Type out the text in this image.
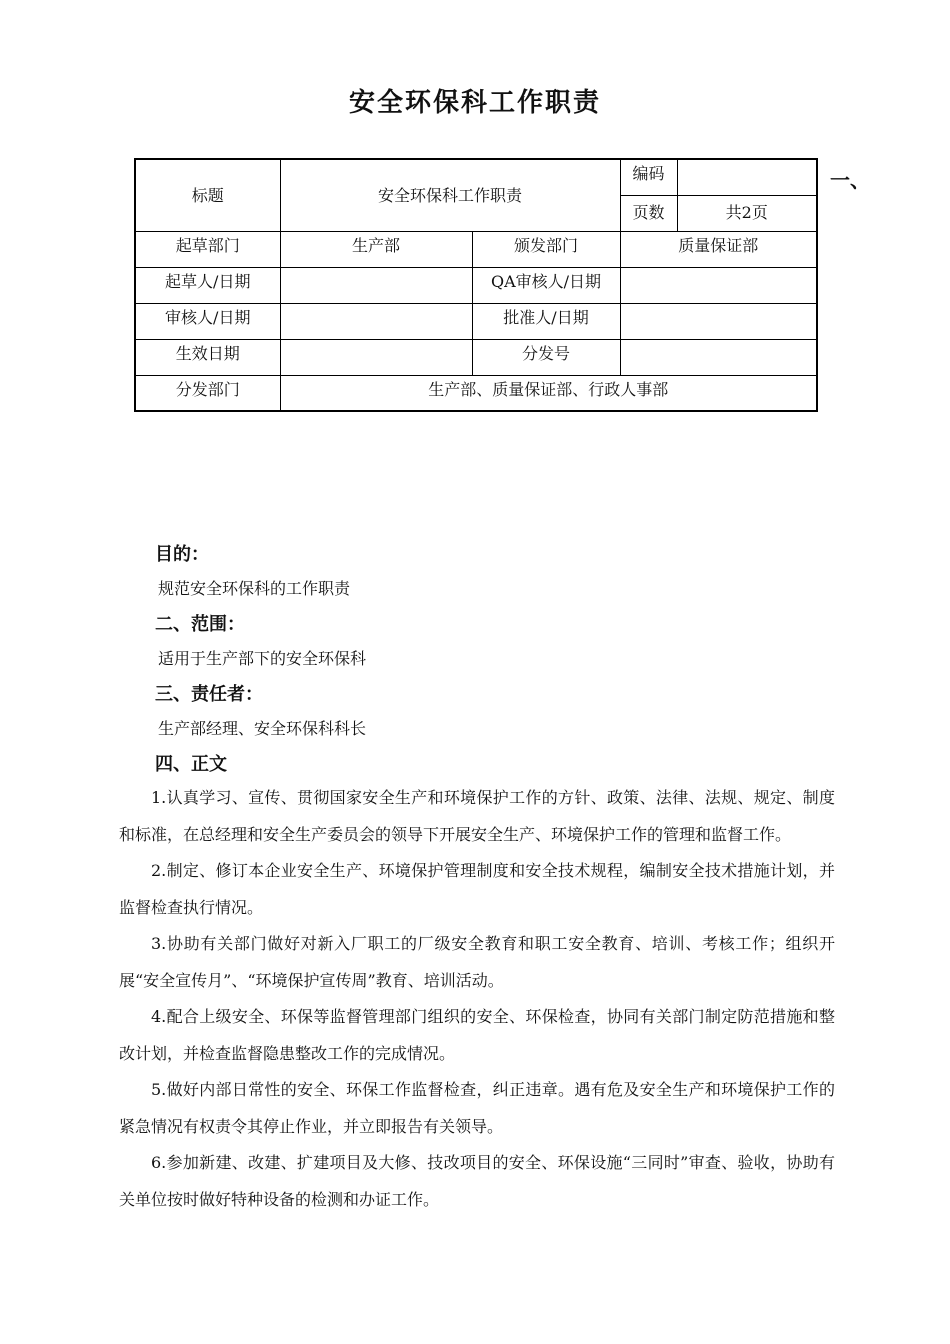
安全环保科工作职责
标题	安全环保科工作职责		编码	
			页数	共2页
起草部门	生产部	颁发部门	质量保证部	
起草人/日期		QA审核人/日期		
审核人/日期		批准人/日期		
生效日期		分发号		
分发部门	生产部、质量保证部、行政人事部			
一、
目的：
规范安全环保科的工作职责
二、范围：
适用于生产部下的安全环保科
三、责任者：
生产部经理、安全环保科科长
四、正文

1.认真学习、宣传、贯彻国家安全生产和环境保护工作的方针、政策、法律、法规、规定、制度和标准，在总经理和安全生产委员会的领导下开展安全生产、环境保护工作的管理和监督工作。

2.制定、修订本企业安全生产、环境保护管理制度和安全技术规程，编制安全技术措施计划，并监督检查执行情况。

3.协助有关部门做好对新入厂职工的厂级安全教育和职工安全教育、培训、考核工作；组织开展“安全宣传月”、“环境保护宣传周”教育、培训活动。

4.配合上级安全、环保等监督管理部门组织的安全、环保检查，协同有关部门制定防范措施和整改计划，并检查监督隐患整改工作的完成情况。

5.做好内部日常性的安全、环保工作监督检查，纠正违章。遇有危及安全生产和环境保护工作的紧急情况有权责令其停止作业，并立即报告有关领导。

6.参加新建、改建、扩建项目及大修、技改项目的安全、环保设施“三同时”审查、验收，协助有关单位按时做好特种设备的检测和办证工作。
